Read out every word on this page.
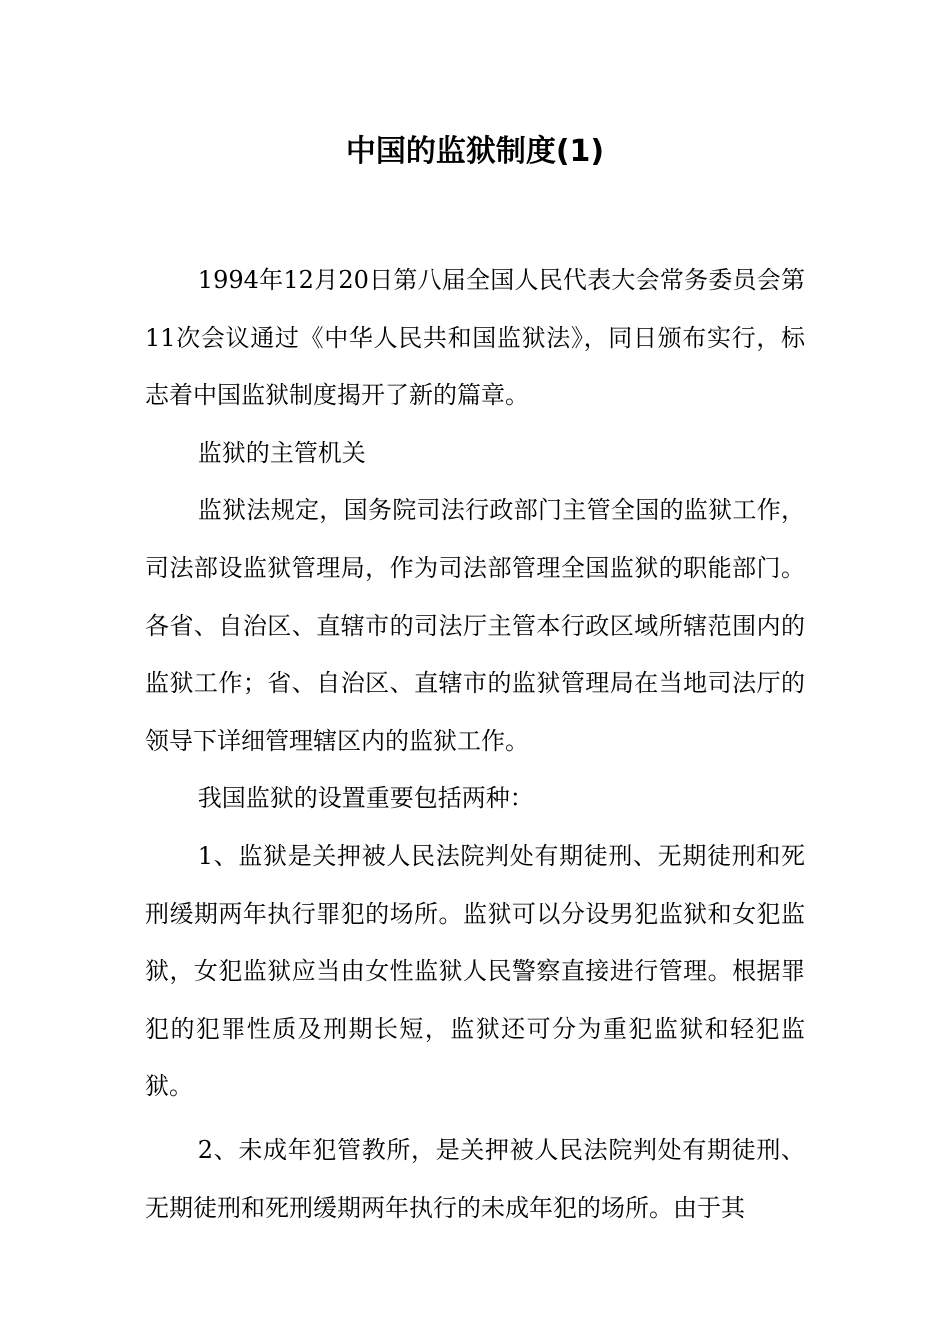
中国的监狱制度(1)

1994年12月20日第八届全国人民代表大会常务委员会第11次会议通过《中华人民共和国监狱法》，同日颁布实行，标志着中国监狱制度揭开了新的篇章。

监狱的主管机关

监狱法规定，国务院司法行政部门主管全国的监狱工作，司法部设监狱管理局，作为司法部管理全国监狱的职能部门。各省、自治区、直辖市的司法厅主管本行政区域所辖范围内的监狱工作；省、自治区、直辖市的监狱管理局在当地司法厅的领导下详细管理辖区内的监狱工作。

我国监狱的设置重要包括两种：

1、监狱是关押被人民法院判处有期徒刑、无期徒刑和死刑缓期两年执行罪犯的场所。监狱可以分设男犯监狱和女犯监狱，女犯监狱应当由女性监狱人民警察直接进行管理。根据罪犯的犯罪性质及刑期长短，监狱还可分为重犯监狱和轻犯监狱。

2、未成年犯管教所，是关押被人民法院判处有期徒刑、无期徒刑和死刑缓期两年执行的未成年犯的场所。由于其
